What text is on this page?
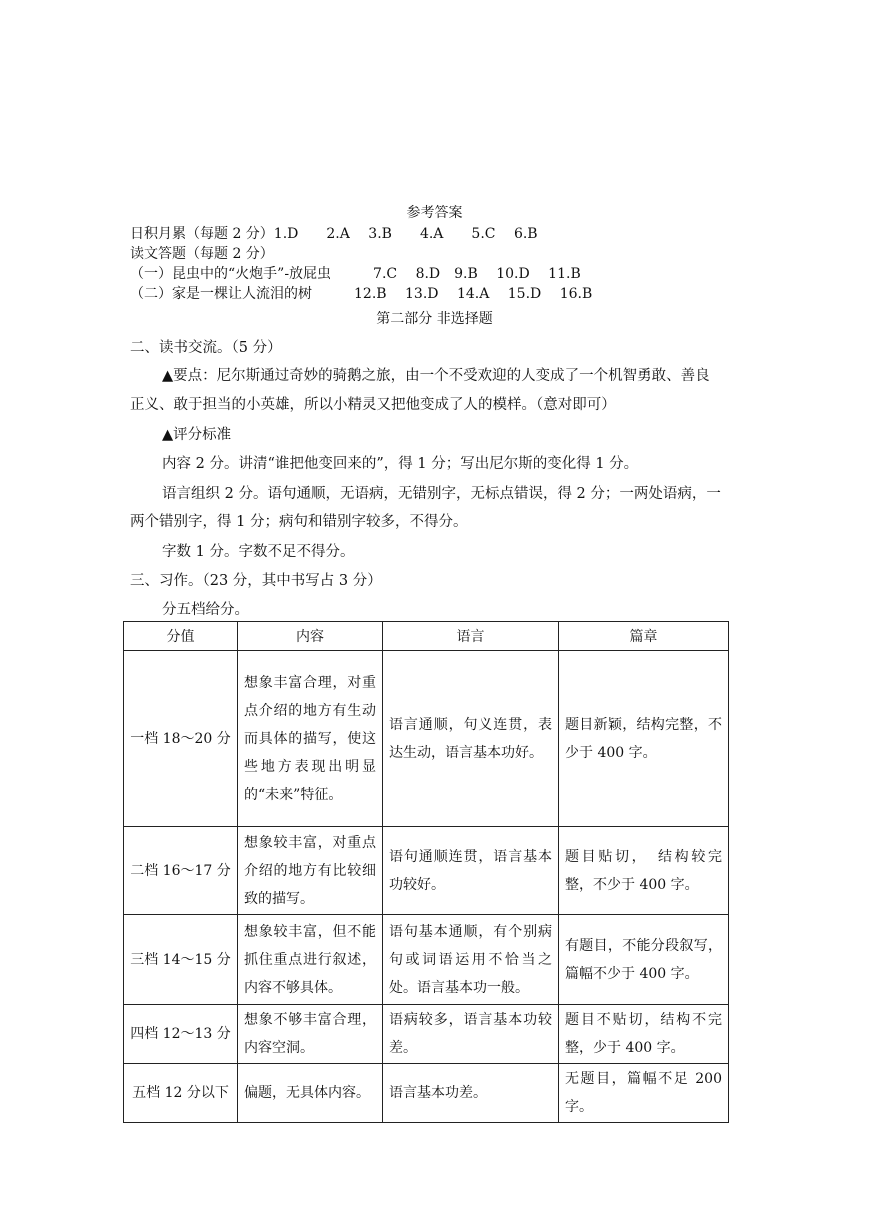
参考答案
日积月累（每题 2 分）1.D　　2.A　 3.B　　4.A　　5.C　 6.B
读文答题（每题 2 分）
（一）昆虫中的“火炮手”-放屁虫　　　7.C　 8.D　9.B　 10.D　 11.B
（二）家是一棵让人流泪的树　　　12.B　 13.D　 14.A　 15.D　 16.B
第二部分 非选择题
二、读书交流。（5 分）
▲要点：尼尔斯通过奇妙的骑鹅之旅，由一个不受欢迎的人变成了一个机智勇敢、善良
正义、敢于担当的小英雄，所以小精灵又把他变成了人的模样。（意对即可）
▲评分标准
内容 2 分。讲清“谁把他变回来的”，得 1 分；写出尼尔斯的变化得 1 分。
语言组织 2 分。语句通顺，无语病，无错别字，无标点错误，得 2 分；一两处语病，一
两个错别字，得 1 分；病句和错别字较多，不得分。
字数 1 分。字数不足不得分。
三、习作。（23 分，其中书写占 3 分）
分五档给分。
分值	内容	语言	篇章
一档 18～20 分	想象丰富合理，对重点介绍的地方有生动而具体的描写，使这些地方表现出明显的“未来”特征。	语言通顺，句义连贯，表达生动，语言基本功好。	题目新颖，结构完整，不少于 400 字。
二档 16～17 分	想象较丰富，对重点介绍的地方有比较细致的描写。	语句通顺连贯，语言基本功较好。	题目贴切，　结构较完整，不少于 400 字。
三档 14～15 分	想象较丰富，但不能抓住重点进行叙述，内容不够具体。	语句基本通顺，有个别病句或词语运用不恰当之处。语言基本功一般。	有题目，不能分段叙写，篇幅不少于 400 字。
四档 12～13 分	想象不够丰富合理，内容空洞。	语病较多，语言基本功较差。	题目不贴切，结构不完整，少于 400 字。
五档 12 分以下	偏题，无具体内容。	语言基本功差。	无题目，篇幅不足 200 字。
